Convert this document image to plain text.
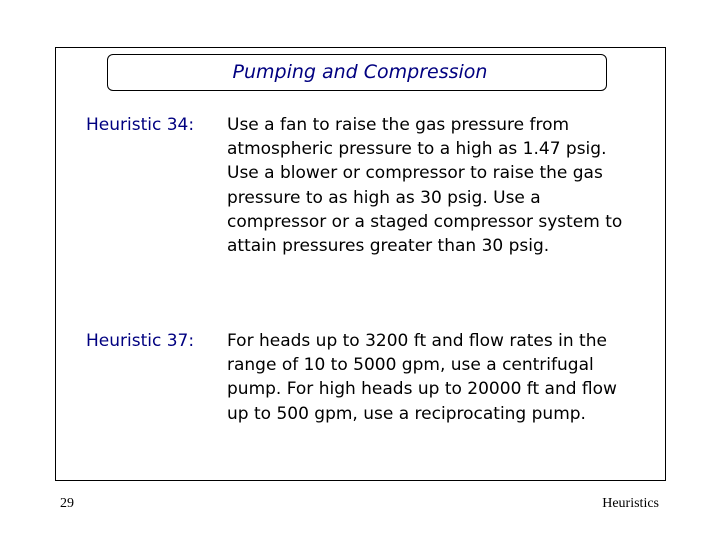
Pumping and Compression
Heuristic 34: Use a fan to raise the gas pressure from
atmospheric pressure to a high as 1.47 psig.
Use a blower or compressor to raise the gas
pressure to as high as 30 psig. Use a
compressor or a staged compressor system to
attain pressures greater than 30 psig.
Heuristic 37: For heads up to 3200 ft and flow rates in the
range of 10 to 5000 gpm, use a centrifugal
pump. For high heads up to 20000 ft and flow
up to 500 gpm, use a reciprocating pump.
29	Heuristics
